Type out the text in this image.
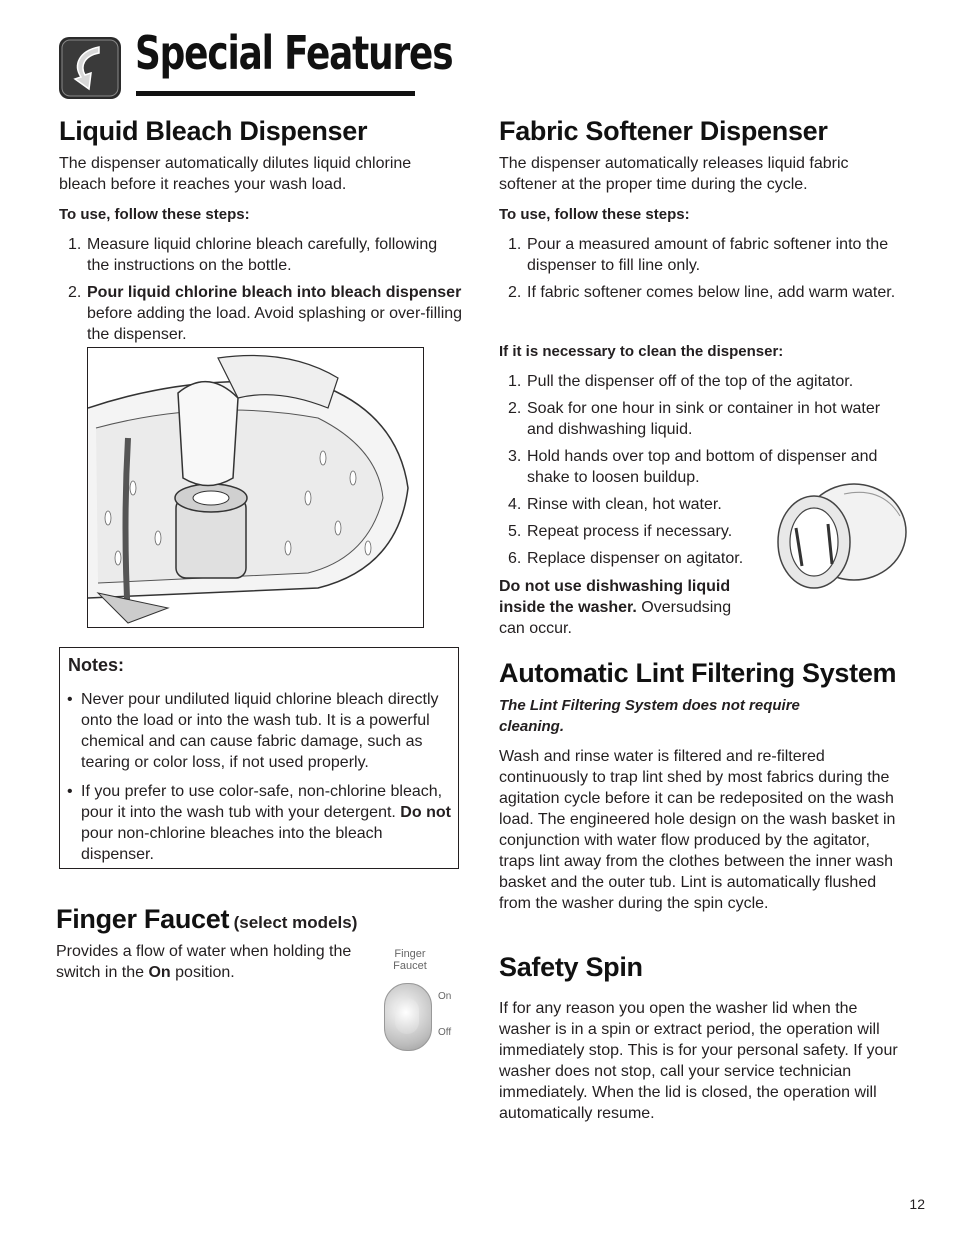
Special Features
Liquid Bleach Dispenser

The dispenser automatically dilutes liquid chlorine bleach before it reaches your wash load.

To use, follow these steps:

1. Measure liquid chlorine bleach carefully, following the instructions on the bottle.
2. Pour liquid chlorine bleach into bleach dispenser before adding the load. Avoid splashing or over-filling the dispenser.
Notes:
• Never pour undiluted liquid chlorine bleach directly onto the load or into the wash tub. It is a powerful chemical and can cause fabric damage, such as tearing or color loss, if not used properly.
• If you prefer to use color-safe, non-chlorine bleach, pour it into the wash tub with your detergent. Do not pour non-chlorine bleaches into the bleach dispenser.
Finger Faucet (select models)

Provides a flow of water when holding the switch in the On position.

Finger Faucet
On
Off
Fabric Softener Dispenser

The dispenser automatically releases liquid fabric softener at the proper time during the cycle.

To use, follow these steps:

1. Pour a measured amount of fabric softener into the dispenser to fill line only.
2. If fabric softener comes below line, add warm water.

If it is necessary to clean the dispenser:

1. Pull the dispenser off of the top of the agitator.
2. Soak for one hour in sink or container in hot water and dishwashing liquid.
3. Hold hands over top and bottom of dispenser and shake to loosen buildup.
4. Rinse with clean, hot water.
5. Repeat process if necessary.
6. Replace dispenser on agitator.

Do not use dishwashing liquid inside the washer. Oversudsing can occur.

Automatic Lint Filtering System

The Lint Filtering System does not require cleaning.

Wash and rinse water is filtered and re-filtered continuously to trap lint shed by most fabrics during the agitation cycle before it can be redeposited on the wash load. The engineered hole design on the wash basket in conjunction with water flow produced by the agitator, traps lint away from the clothes between the inner wash basket and the outer tub. Lint is automatically flushed from the washer during the spin cycle.

Safety Spin

If for any reason you open the washer lid when the washer is in a spin or extract period, the operation will immediately stop. This is for your personal safety. If your washer does not stop, call your service technician immediately. When the lid is closed, the operation will automatically resume.

12
